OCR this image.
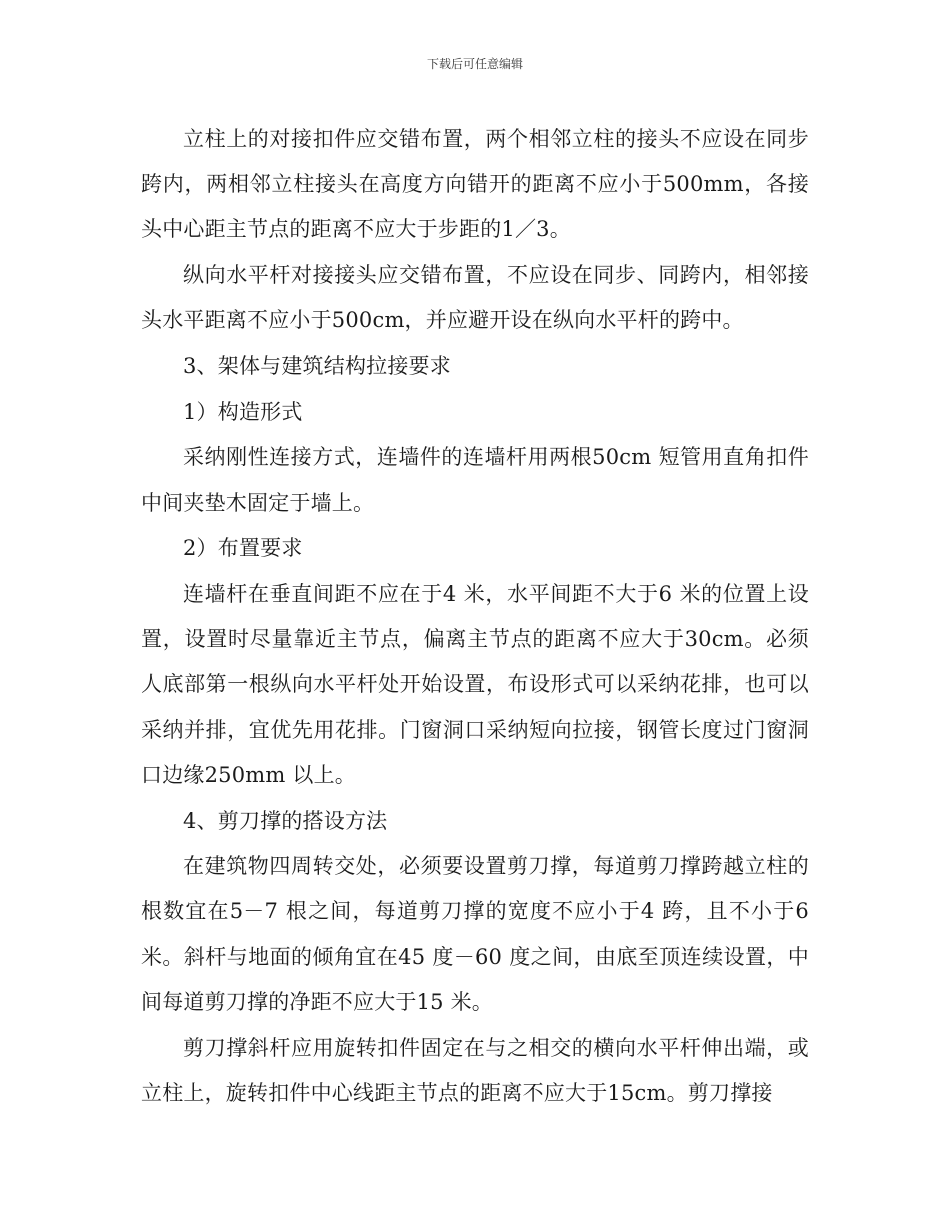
下载后可任意编辑

立柱上的对接扣件应交错布置，两个相邻立柱的接头不应设在同步跨内，两相邻立柱接头在高度方向错开的距离不应小于500mm，各接头中心距主节点的距离不应大于步距的1／3。

纵向水平杆对接接头应交错布置，不应设在同步、同跨内，相邻接头水平距离不应小于500cm，并应避开设在纵向水平杆的跨中。

3、架体与建筑结构拉接要求

1）构造形式

采纳刚性连接方式，连墙件的连墙杆用两根50cm 短管用直角扣件中间夹垫木固定于墙上。

2）布置要求

连墙杆在垂直间距不应在于4 米，水平间距不大于6 米的位置上设置，设置时尽量靠近主节点，偏离主节点的距离不应大于30cm。必须人底部第一根纵向水平杆处开始设置，布设形式可以采纳花排，也可以采纳并排，宜优先用花排。门窗洞口采纳短向拉接，钢管长度过门窗洞口边缘250mm 以上。

4、剪刀撑的搭设方法

在建筑物四周转交处，必须要设置剪刀撑，每道剪刀撑跨越立柱的根数宜在5－7 根之间，每道剪刀撑的宽度不应小于4 跨，且不小于6 米。斜杆与地面的倾角宜在45 度－60 度之间，由底至顶连续设置，中间每道剪刀撑的净距不应大于15 米。

剪刀撑斜杆应用旋转扣件固定在与之相交的横向水平杆伸出端，或立柱上，旋转扣件中心线距主节点的距离不应大于15cm。剪刀撑接
